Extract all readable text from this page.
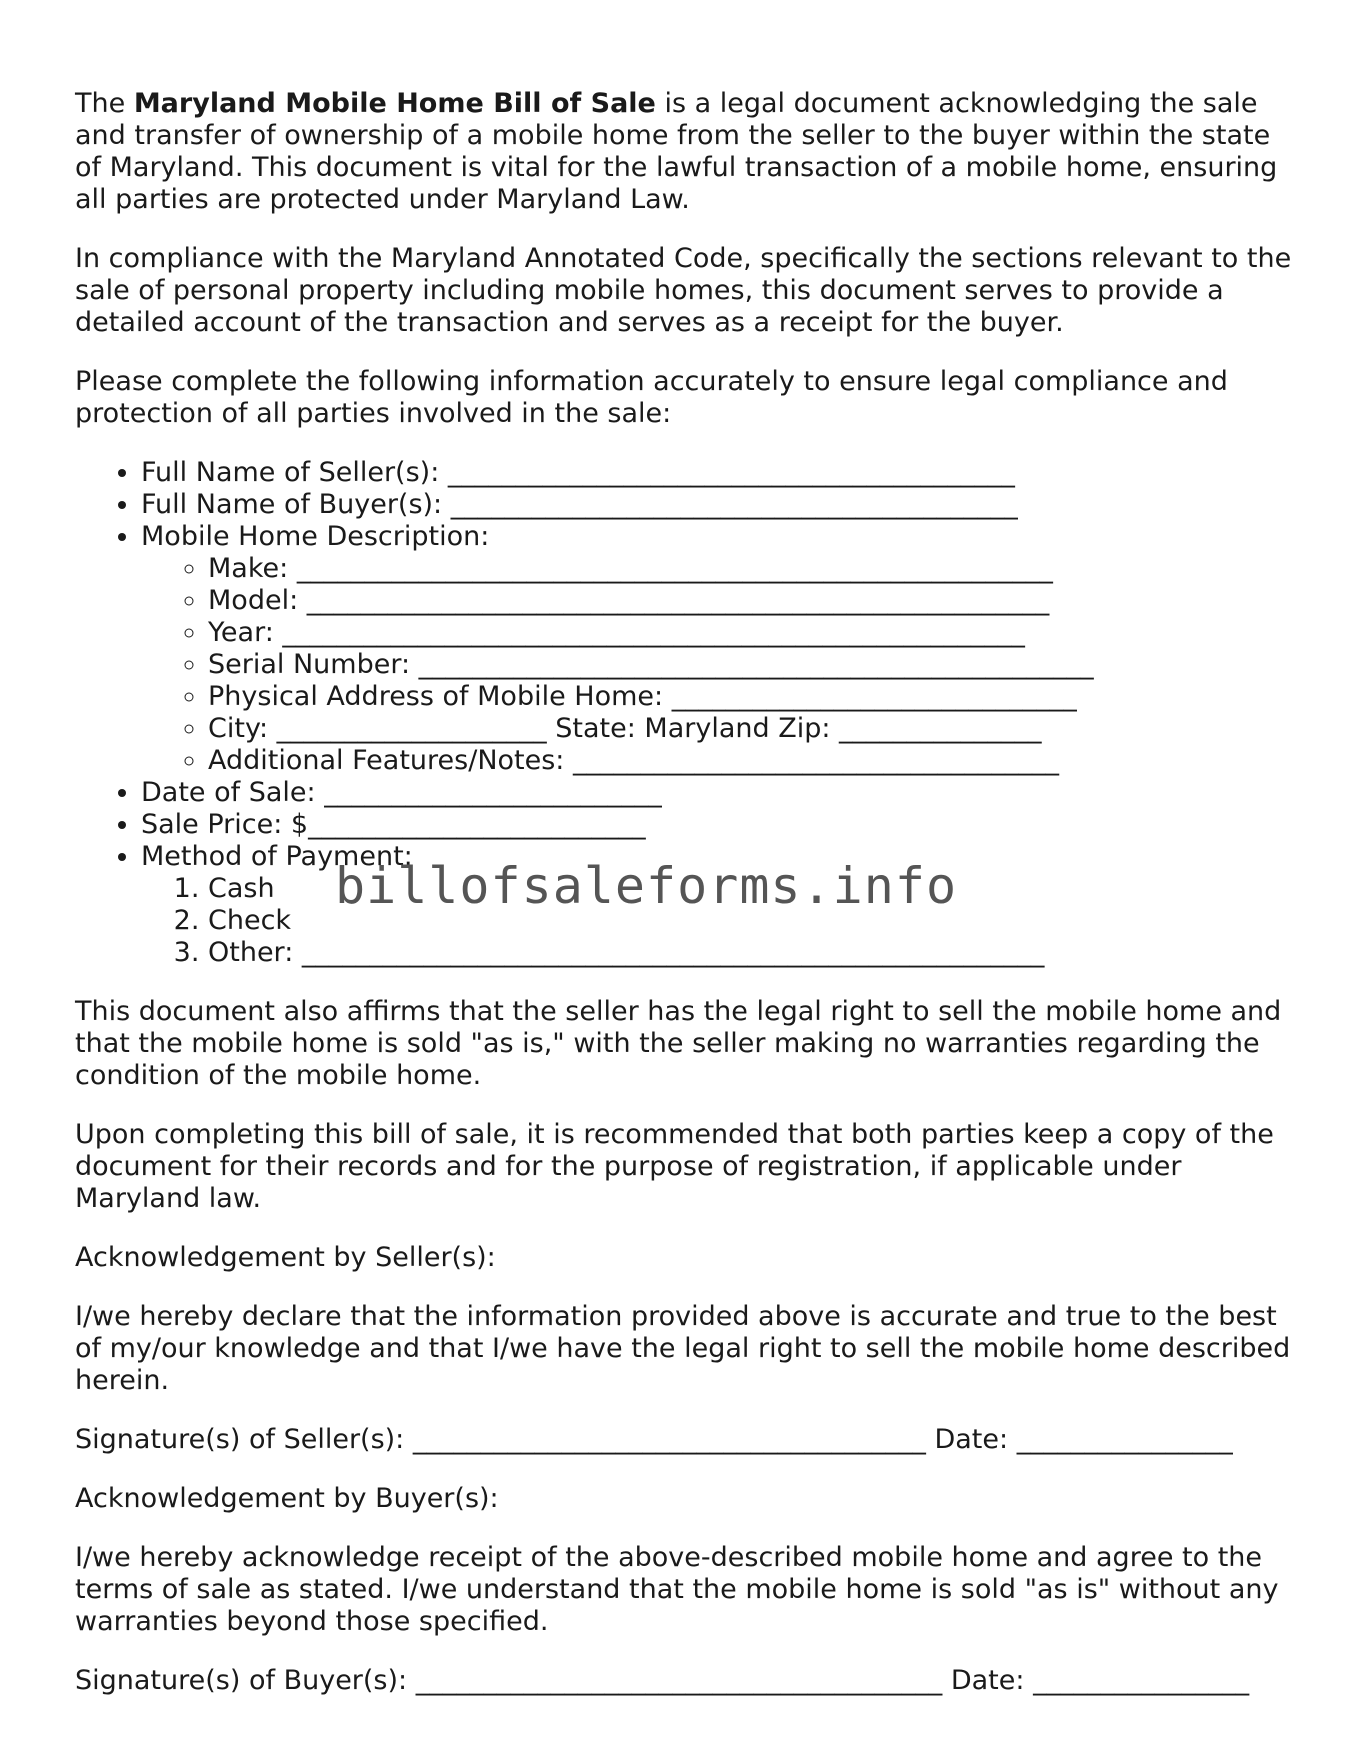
The Maryland Mobile Home Bill of Sale is a legal document acknowledging the sale and transfer of ownership of a mobile home from the seller to the buyer within the state of Maryland. This document is vital for the lawful transaction of a mobile home, ensuring all parties are protected under Maryland Law.

In compliance with the Maryland Annotated Code, specifically the sections relevant to the sale of personal property including mobile homes, this document serves to provide a detailed account of the transaction and serves as a receipt for the buyer.

Please complete the following information accurately to ensure legal compliance and protection of all parties involved in the sale:

• Full Name of Seller(s): __________________________________________
• Full Name of Buyer(s): __________________________________________
• Mobile Home Description:
◦ Make: ________________________________________________________
◦ Model: _______________________________________________________
◦ Year: _______________________________________________________
◦ Serial Number: __________________________________________________
◦ Physical Address of Mobile Home: ______________________________
◦ City: ____________________ State: Maryland Zip: _______________
◦ Additional Features/Notes: ____________________________________
• Date of Sale: _________________________
• Sale Price: $_________________________
• Method of Payment:
1. Cash
2. Check
3. Other: _______________________________________________________

This document also affirms that the seller has the legal right to sell the mobile home and that the mobile home is sold "as is," with the seller making no warranties regarding the condition of the mobile home.

Upon completing this bill of sale, it is recommended that both parties keep a copy of the document for their records and for the purpose of registration, if applicable under Maryland law.

Acknowledgement by Seller(s):

I/we hereby declare that the information provided above is accurate and true to the best of my/our knowledge and that I/we have the legal right to sell the mobile home described herein.

Signature(s) of Seller(s): ______________________________________ Date: ________________

Acknowledgement by Buyer(s):

I/we hereby acknowledge receipt of the above-described mobile home and agree to the terms of sale as stated. I/we understand that the mobile home is sold "as is" without any warranties beyond those specified.

Signature(s) of Buyer(s): _______________________________________ Date: ________________

billofsaleforms.info
